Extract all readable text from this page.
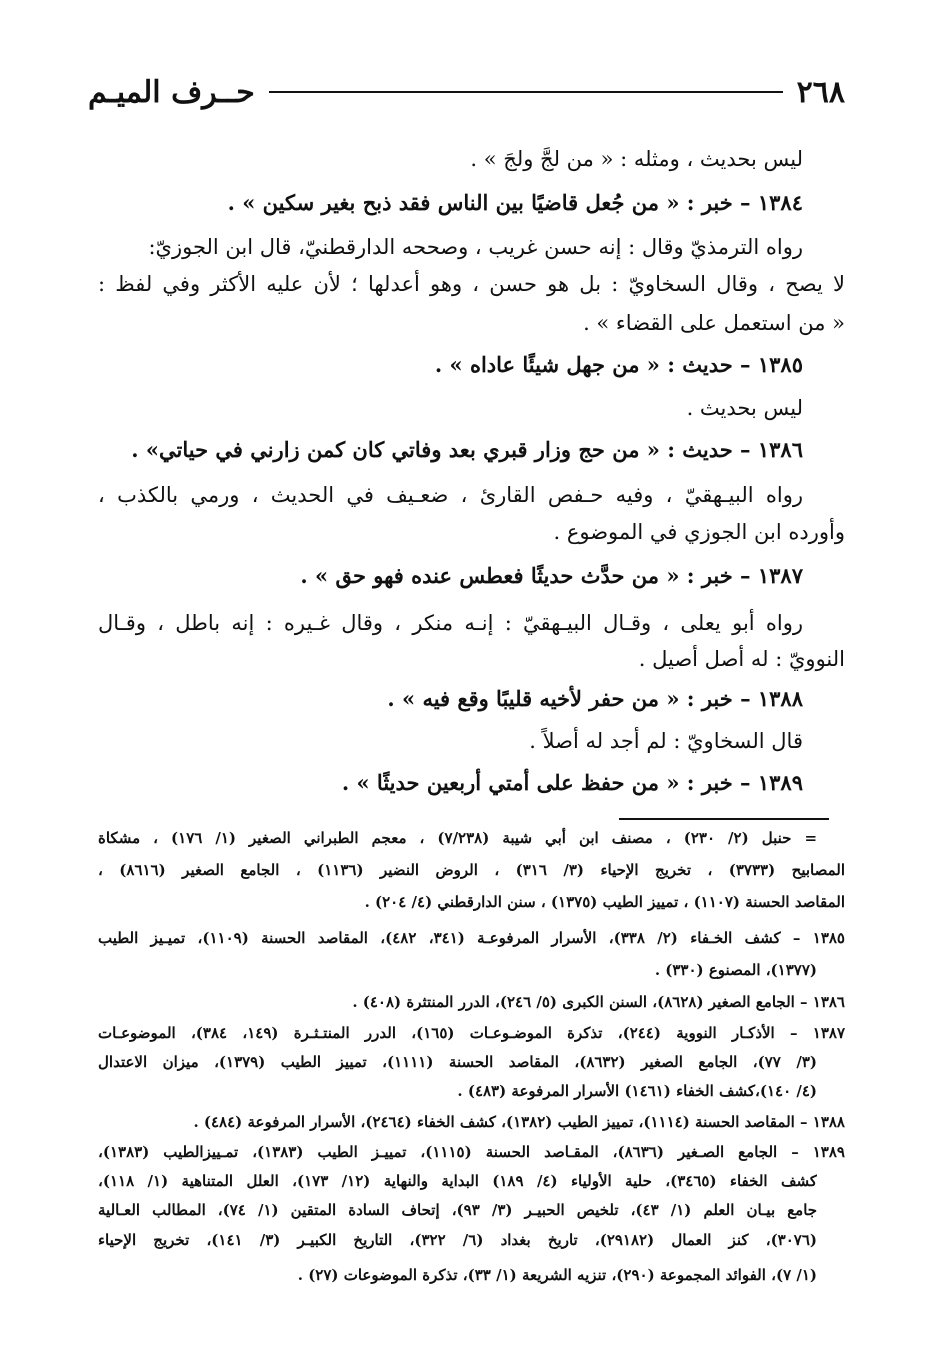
٢٦٨
حــرف الميـم
ليس بحديث ، ومثله : « من لجَّ ولجَ » .
١٣٨٤ – خبر : « من جُعل قاضيًا بين الناس فقد ذبح بغير سكين » .
رواه الترمذيّ وقال : إنه حسن غريب ، وصححه الدارقطنيّ، قال ابن الجوزيّ:
لا يصح ، وقال السخاويّ : بل هو حسن ، وهو أعدلها ؛ لأن عليه الأكثر وفي لفظ :
« من استعمل على القضاء » .
١٣٨٥ – حديث : « من جهل شيئًا عاداه » .
ليس بحديث .
١٣٨٦ – حديث : « من حج وزار قبري بعد وفاتي كان كمن زارني في حياتي» .
رواه البيـهقيّ ، وفيه حـفص القارئ ، ضعـيف في الحديث ، ورمي بالكذب ،
وأورده ابن الجوزي في الموضوع .
١٣٨٧ – خبر : « من حدَّث حديثًا فعطس عنده فهو حق » .
رواه أبو يعلى ، وقـال البيـهقيّ : إنـه منكر ، وقال غـيره : إنه باطل ، وقـال
النوويّ : له أصل أصيل .
١٣٨٨ – خبر : « من حفر لأخيه قليبًا وقع فيه » .
قال السخاويّ : لم أجد له أصلاً .
١٣٨٩ – خبر : « من حفظ على أمتي أربعين حديثًا » .
= حنبل (٢/ ٢٣٠) ، مصنف ابن أبي شيبة (٧/٢٣٨) ، معجم الطبراني الصغير (١/ ١٧٦) ، مشكاة
المصابيح (٣٧٣٣) ، تخريج الإحياء (٣/ ٣١٦) ، الروض النضير (١١٣٦) ، الجامع الصغير (٨٦١٦) ،
المقاصد الحسنة (١١٠٧) ، تمييز الطيب (١٣٧٥) ، سنن الدارقطني (٤/ ٢٠٤) .
١٣٨٥ – كشف الخـفاء (٢/ ٣٣٨)، الأسرار المرفوعـة (٣٤١، ٤٨٢)، المقاصد الحسنة (١١٠٩)، تميـيز الطيب
(١٣٧٧)، المصنوع (٣٣٠) .
١٣٨٦ – الجامع الصغير (٨٦٢٨)، السنن الكبرى (٥/ ٢٤٦)، الدرر المنتثرة (٤٠٨) .
١٣٨٧ – الأذكـار النووية (٢٤٤)، تذكرة الموضـوعـات (١٦٥)، الدرر المنتـثـرة (١٤٩، ٣٨٤)، الموضوعـات
(٣/ ٧٧)، الجامع الصغير (٨٦٣٢)، المقاصد الحسنة (١١١١)، تمييز الطيب (١٣٧٩)، ميزان الاعتدال
(٤/ ١٤٠)،كشف الخفاء (١٤٦١) الأسرار المرفوعة (٤٨٣) .
١٣٨٨ – المقاصد الحسنة (١١١٤)، تمييز الطيب (١٣٨٢)، كشف الخفاء (٢٤٦٤)، الأسرار المرفوعة (٤٨٤) .
١٣٨٩ – الجامع الصـغير (٨٦٣٦)، المقـاصد الحسنة (١١١٥)، تمييـز الطيب (١٣٨٣)، تمـييزالطيب (١٣٨٣)،
كشف الخفاء (٣٤٦٥)، حلية الأولياء (٤/ ١٨٩) البداية والنهاية (١٢/ ١٧٣)، العلل المتناهية (١/ ١١٨)،
جامع بيـان العلم (١/ ٤٣)، تلخيص الحبيـر (٣/ ٩٣)، إتحاف السادة المتقين (١/ ٧٤)، المطالب العـالية
(٣٠٧٦)، كنز العمال (٢٩١٨٢)، تاريخ بغداد (٦/ ٣٢٢)، التاريخ الكبيـر (٣/ ١٤١)، تخريج الإحياء
(١/ ٧)، الفوائد المجموعة (٢٩٠)، تنزيه الشريعة (١/ ٣٣)، تذكرة الموضوعات (٢٧) .
